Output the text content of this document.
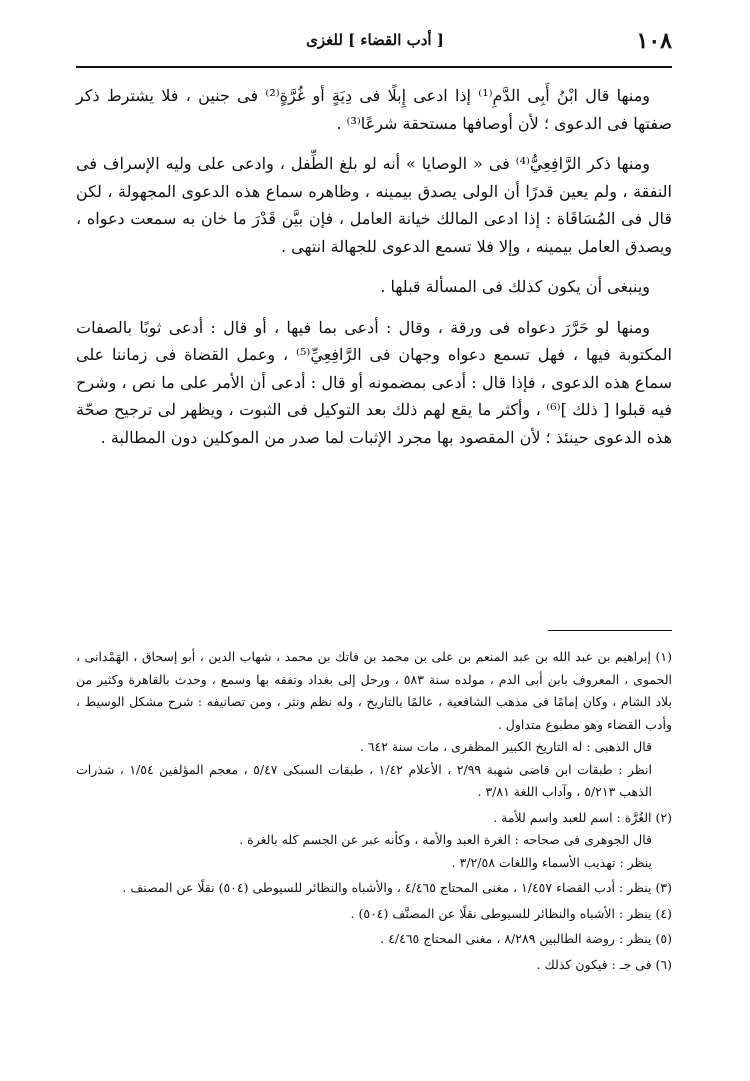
١٠٨
[ أدب القضاء ] للغزى

ومنها قال ابْنُ أَبِى الدَّمِ⁽¹⁾ إذا ادعى إِبلًا فى دِيَةٍ أو غُرَّةٍ⁽²⁾ فى جنين ، فلا يشترط ذكر صفتها فى الدعوى ؛ لأن أوصافها مستحقة شرعًا⁽³⁾ .

ومنها ذكر الرَّافِعِيُّ⁽⁴⁾ فى « الوصايا » أنه لو بلغ الطِّفل ، وادعى على وليه الإسراف فى النفقة ، ولم يعين قدرًا أن الولى يصدق بيمينه ، وظاهره سماع هذه الدعوى المجهولة ، لكن قال فى المُسَاقَاة : إذا ادعى المالك خيانة العامل ، فإن بيَّن قَدْرَ ما خان به سمعت دعواه ، ويصدق العامل بيمينه ، وإلا فلا تسمع الدعوى للجهالة انتهى .

وينبغى أن يكون كذلك فى المسألة قبلها .

ومنها لو حَرَّرَ دعواه فى ورقة ، وقال : أدعى بما فيها ، أو قال : أدعى ثوبًا بالصفات المكتوبة فيها ، فهل تسمع دعواه وجهان فى الرَّافِعِيِّ⁽⁵⁾ ، وعمل القضاة فى زماننا على سماع هذه الدعوى ، فإذا قال : أدعى بمضمونه أو قال : أدعى أن الأمر على ما نص ، وشرح فيه قبلوا [ ذلك ]⁽⁶⁾ ، وأكثر ما يقع لهم ذلك بعد التوكيل فى الثبوت ، ويظهر لى ترجيح صحّة هذه الدعوى حينئذ ؛ لأن المقصود بها مجرد الإثبات لما صدر من الموكلين دون المطالبة .

(١) إبراهيم بن عبد الله بن عبد المنعم بن على بن محمد بن فاتك بن محمد ، شهاب الدين ، أبو إسحاق ، الهَمْدانى ، الحموى ، المعروف بابن أبى الدم ، مولده سنة ٥٨٣ ، ورحل إلى بغداد وتفقه بها وسمع ، وحدث بالقاهرة وكثير من بلاد الشام ، وكان إمامًا فى مذهب الشافعية ، عالمًا بالتاريخ ، وله نظم ونثر ، ومن تصانيفه : شرح مشكل الوسيط ، وأدب القضاء وهو مطبوع متداول .

قال الذهبى : له التاريخ الكبير المظفرى ، مات سنة ٦٤٢ .

انظر : طبقات ابن قاضى شهبة ٢/٩٩ ، الأعلام ١/٤٢ ، طبقات السبكى ٥/٤٧ ، معجم المؤلفين ١/٥٤ ، شذرات الذهب ٥/٢١٣ ، وآداب اللغة ٣/٨١ .

(٢) الغُرَّة : اسم للعبد واسم للأمة .

قال الجوهرى فى صحاحه : الغرة العبد والأمة ، وكأنه عبر عن الجسم كله بالغرة .

ينظر : تهذيب الأسماء واللغات ٣/٢/٥٨ .

(٣) ينظر : أدب القضاء ١/٤٥٧ ، مغنى المحتاج ٤/٤٦٥ ، والأشباه والنظائر للسيوطى (٥٠٤) نقلًا عن المصنف .

(٤) ينظر : الأشباه والنظائر للسيوطى نقلًا عن المصنَّف (٥٠٤) .

(٥) ينظر : روضة الطالبين ٨/٢٨٩ ، مغنى المحتاج ٤/٤٦٥ .

(٦) فى جـ : فيكون كذلك .
